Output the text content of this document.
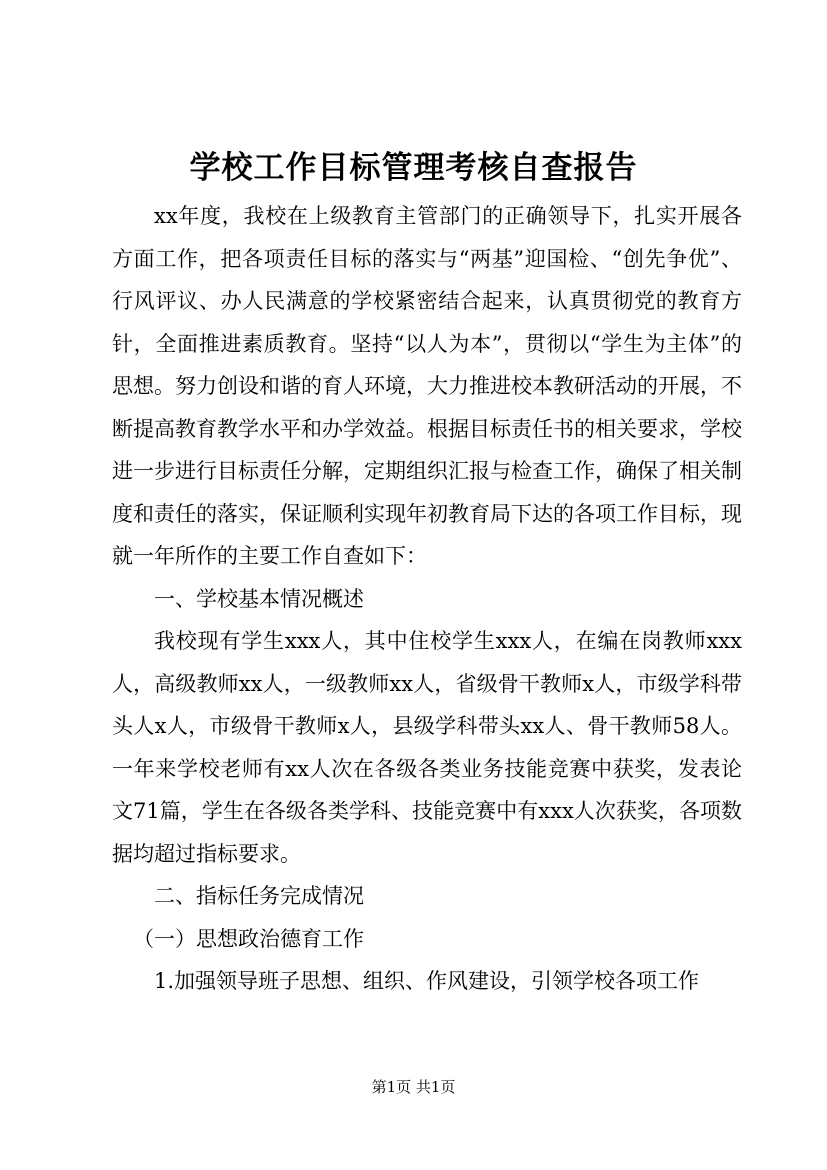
学校工作目标管理考核自查报告

xx年度，我校在上级教育主管部门的正确领导下，扎实开展各方面工作，把各项责任目标的落实与“两基”迎国检、“创先争优”、行风评议、办人民满意的学校紧密结合起来，认真贯彻党的教育方针，全面推进素质教育。坚持“以人为本”，贯彻以“学生为主体”的思想。努力创设和谐的育人环境，大力推进校本教研活动的开展，不断提高教育教学水平和办学效益。根据目标责任书的相关要求，学校进一步进行目标责任分解，定期组织汇报与检查工作，确保了相关制度和责任的落实，保证顺利实现年初教育局下达的各项工作目标，现就一年所作的主要工作自查如下：

一、学校基本情况概述

我校现有学生xxx人，其中住校学生xxx人，在编在岗教师xxx人，高级教师xx人，一级教师xx人，省级骨干教师x人，市级学科带头人x人，市级骨干教师x人，县级学科带头xx人、骨干教师58人。一年来学校老师有xx人次在各级各类业务技能竞赛中获奖，发表论文71篇，学生在各级各类学科、技能竞赛中有xxx人次获奖，各项数据均超过指标要求。

二、指标任务完成情况

（一）思想政治德育工作

1.加强领导班子思想、组织、作风建设，引领学校各项工作

第1页 共1页
